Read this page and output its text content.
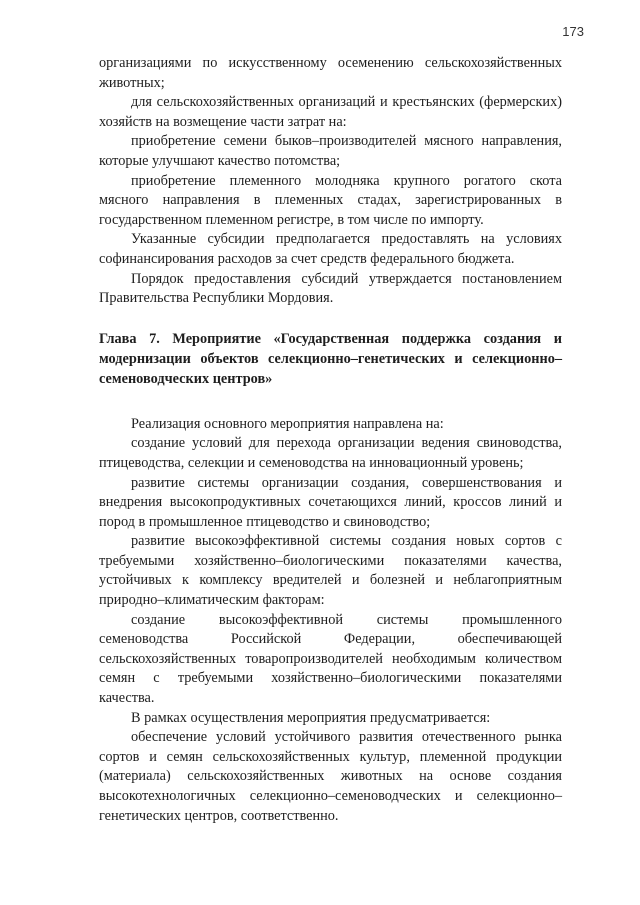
173

организациями по искусственному осеменению сельскохозяйственных животных;

для сельскохозяйственных организаций и крестьянских (фермерских) хозяйств на возмещение части затрат на:

приобретение семени быков–производителей мясного направления, которые улучшают качество потомства;

приобретение племенного молодняка крупного рогатого скота мясного направления в племенных стадах, зарегистрированных в государственном племенном регистре, в том числе по импорту.

Указанные субсидии предполагается предоставлять на условиях софинансирования расходов за счет средств федерального бюджета.

Порядок предоставления субсидий утверждается постановлением Правительства Республики Мордовия.

Глава 7. Мероприятие «Государственная поддержка создания и модернизации объектов селекционно–генетических и селекционно–семеноводческих центров»

Реализация основного мероприятия направлена на:

создание условий для перехода организации ведения свиноводства, птицеводства, селекции и семеноводства на инновационный уровень;

развитие системы организации создания, совершенствования и внедрения высокопродуктивных сочетающихся линий, кроссов линий и пород в промышленное птицеводство и свиноводство;

развитие высокоэффективной системы создания новых сортов с требуемыми хозяйственно–биологическими показателями качества, устойчивых к комплексу вредителей и болезней и неблагоприятным природно–климатическим факторам:

создание высокоэффективной системы промышленного семеноводства Российской Федерации, обеспечивающей сельскохозяйственных товаропроизводителей необходимым количеством семян с требуемыми хозяйственно–биологическими показателями качества.

В рамках осуществления мероприятия предусматривается:

обеспечение условий устойчивого развития отечественного рынка сортов и семян сельскохозяйственных культур, племенной продукции (материала) сельскохозяйственных животных на основе создания высокотехнологичных селекционно–семеноводческих и селекционно–генетических центров, соответственно.
